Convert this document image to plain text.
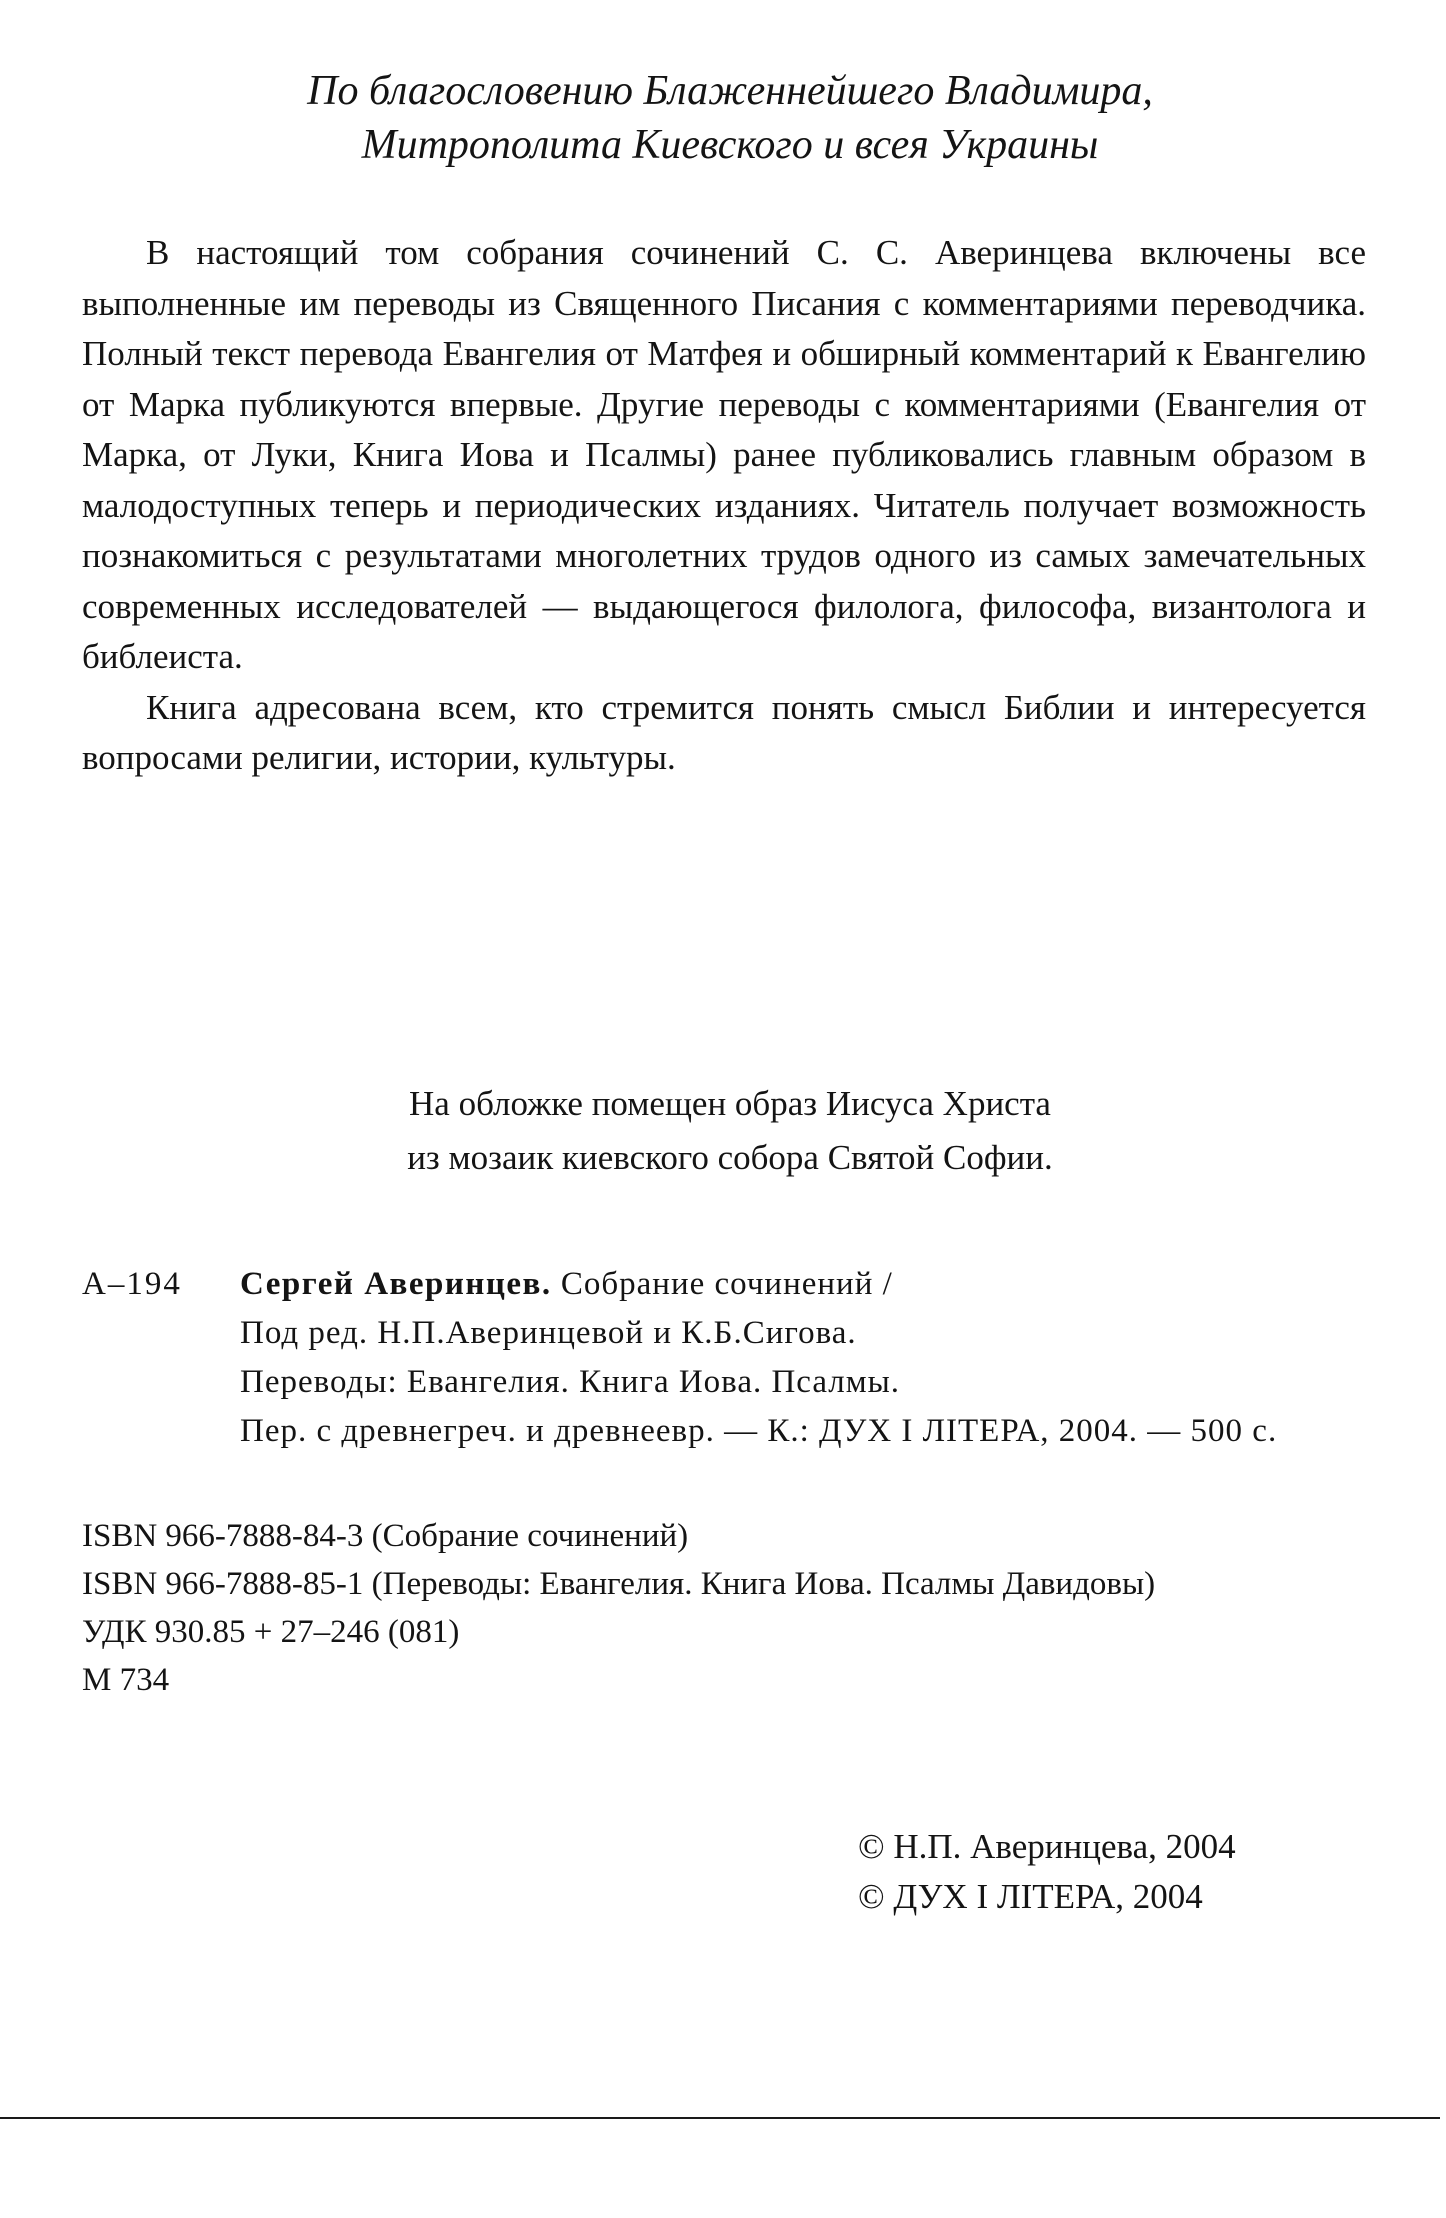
По благословению Блаженнейшего Владимира,
Митрополита Киевского и всея Украины

В настоящий том собрания сочинений С. С. Аверинцева включены все выполненные им переводы из Священного Писания с комментариями переводчика. Полный текст перевода Евангелия от Матфея и обширный комментарий к Евангелию от Марка публикуются впервые. Другие переводы с комментариями (Евангелия от Марка, от Луки, Книга Иова и Псалмы) ранее публиковались главным образом в малодоступных теперь и периодических изданиях. Читатель получает возможность познакомиться с результатами многолетних трудов одного из самых замечательных современных исследователей — выдающегося филолога, философа, византолога и библеиста.

Книга адресована всем, кто стремится понять смысл Библии и интересуется вопросами религии, истории, культуры.

На обложке помещен образ Иисуса Христа
из мозаик киевского собора Святой Софии.
А–194 Сергей Аверинцев. Собрание сочинений /
Под ред. Н.П.Аверинцевой и К.Б.Сигова.
Переводы: Евангелия. Книга Иова. Псалмы.
Пер. с древнегреч. и древнеевр. — К.: ДУХ І ЛІТЕРА, 2004. — 500 с.
ISBN 966-7888-84-3 (Собрание сочинений)
ISBN 966-7888-85-1 (Переводы: Евангелия. Книга Иова. Псалмы Давидовы)
УДК 930.85 + 27–246 (081)
М 734
© Н.П. Аверинцева, 2004
© ДУХ І ЛІТЕРА, 2004
